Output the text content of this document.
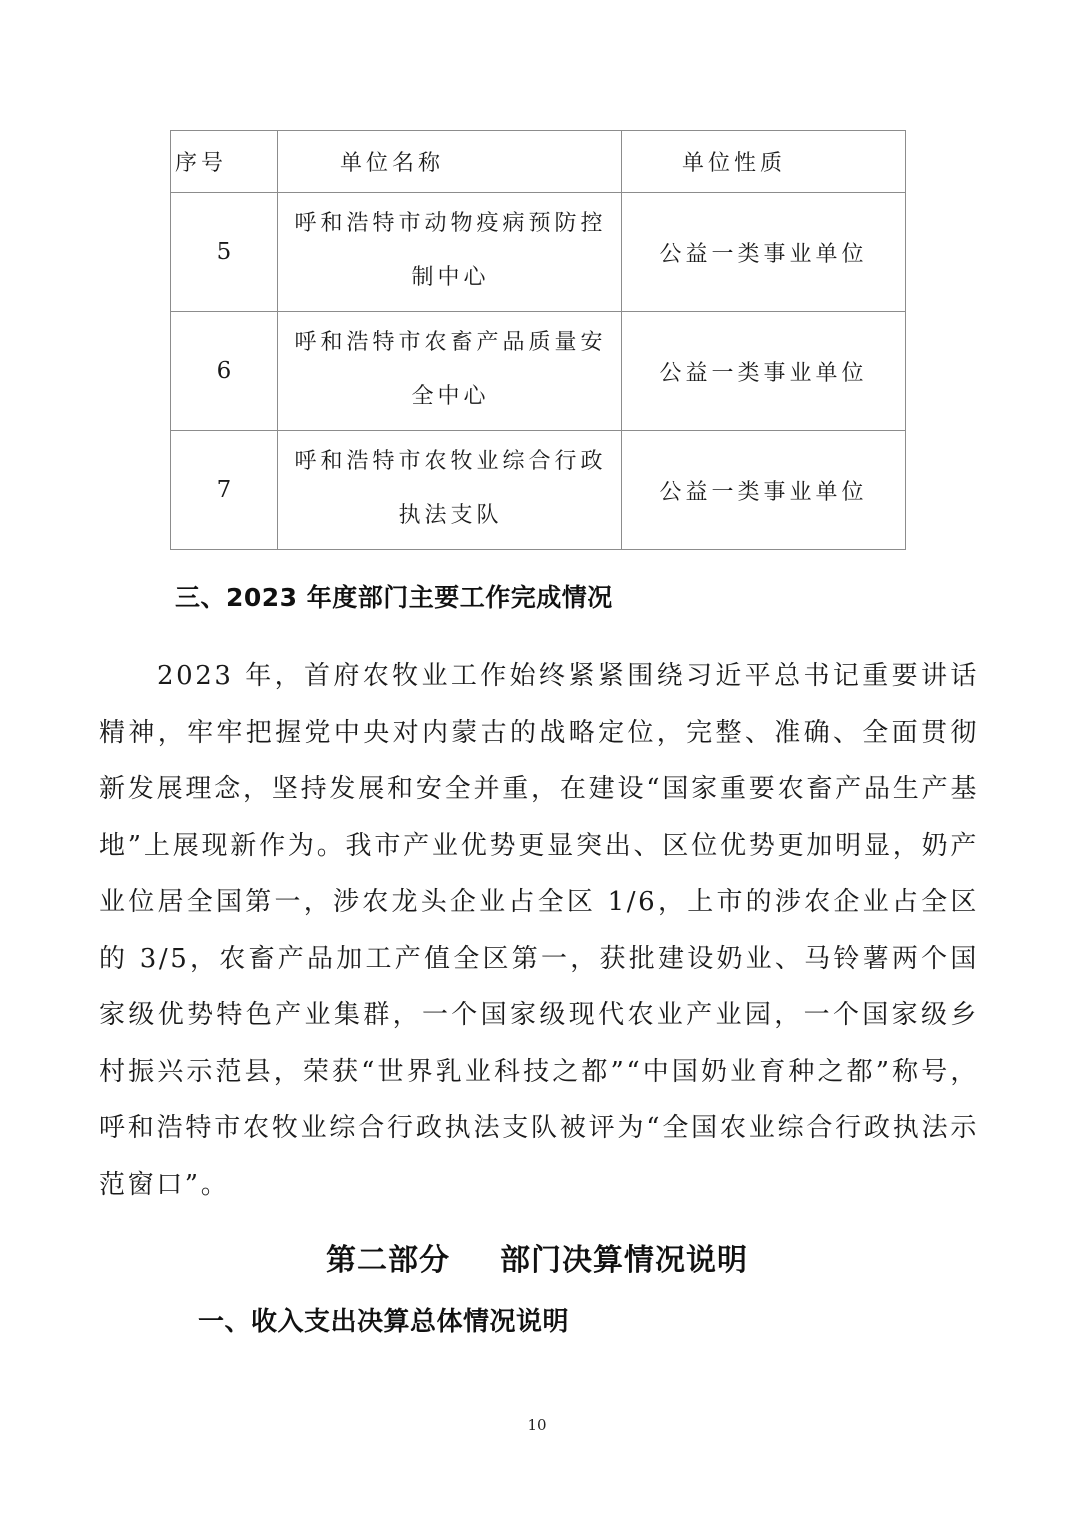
序号	单位名称	单位性质
5	呼和浩特市动物疫病预防控制中心	公益一类事业单位
6	呼和浩特市农畜产品质量安全中心	公益一类事业单位
7	呼和浩特市农牧业综合行政执法支队	公益一类事业单位
三、2023 年度部门主要工作完成情况

2023 年，首府农牧业工作始终紧紧围绕习近平总书记重要讲话精神，牢牢把握党中央对内蒙古的战略定位，完整、准确、全面贯彻新发展理念，坚持发展和安全并重，在建设“国家重要农畜产品生产基地”上展现新作为。我市产业优势更显突出、区位优势更加明显，奶产业位居全国第一，涉农龙头企业占全区 1/6，上市的涉农企业占全区的 3/5，农畜产品加工产值全区第一，获批建设奶业、马铃薯两个国家级优势特色产业集群，一个国家级现代农业产业园，一个国家级乡村振兴示范县，荣获“世界乳业科技之都”“中国奶业育种之都”称号，呼和浩特市农牧业综合行政执法支队被评为“全国农业综合行政执法示范窗口”。

第二部分 部门决算情况说明
一、收入支出决算总体情况说明
10
